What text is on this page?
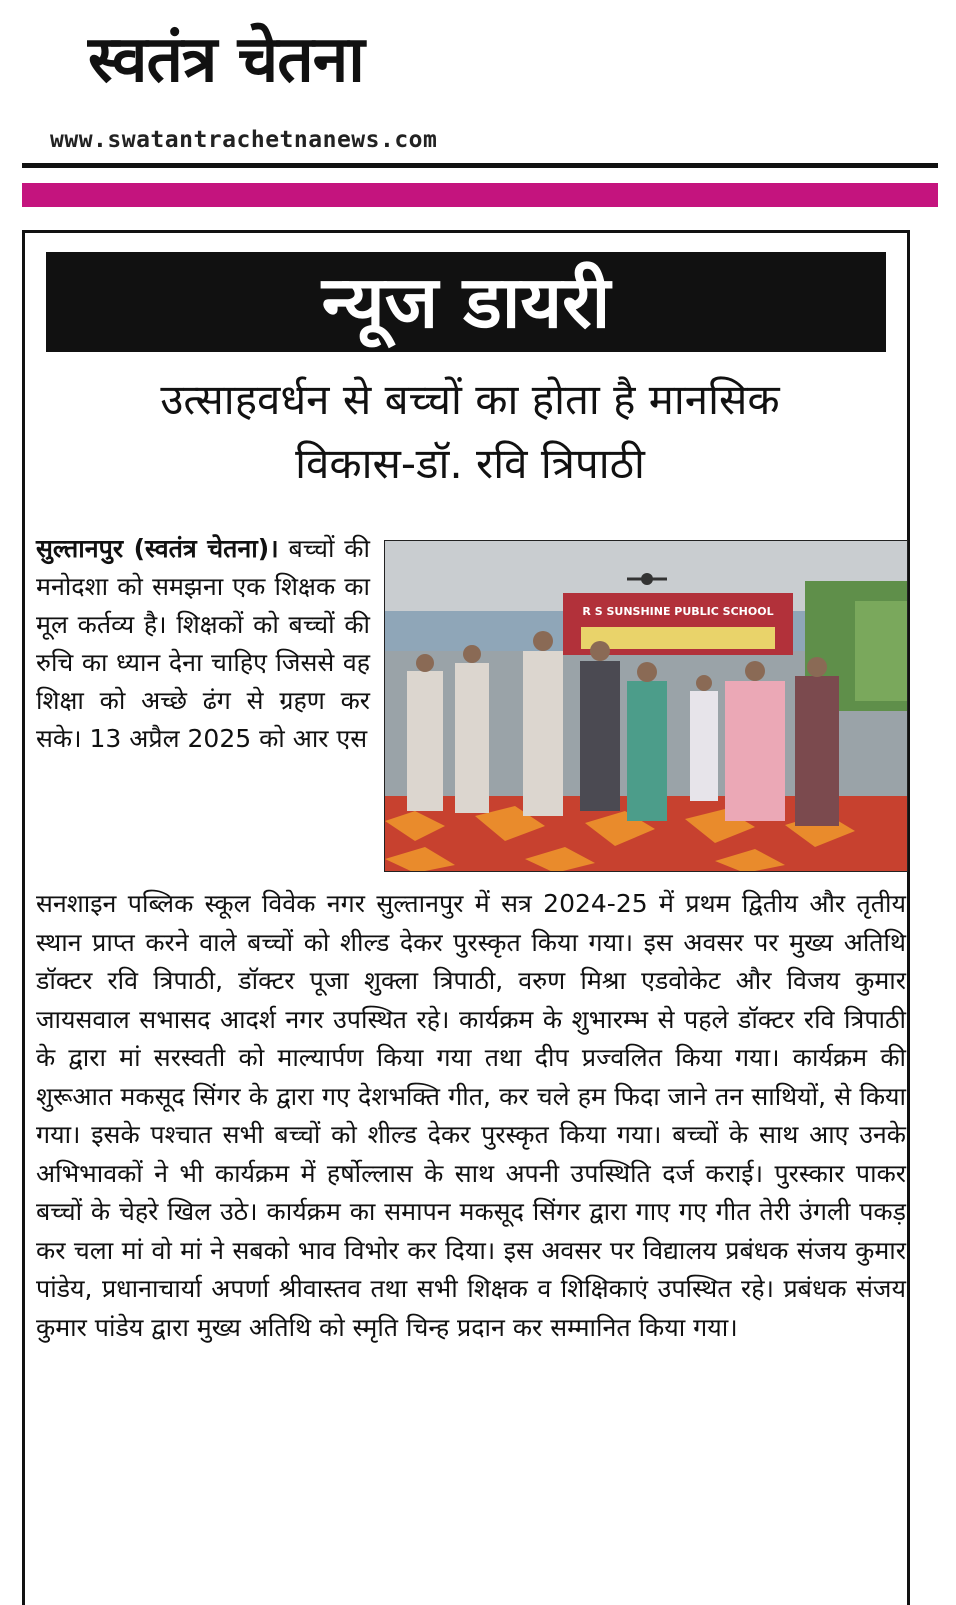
स्वतंत्र चेतना
www.swatantrachetnanews.com
न्यूज डायरी
उत्साहवर्धन से बच्चों का होता है मानसिक
विकास-डॉ. रवि त्रिपाठी
R S SUNSHINE PUBLIC SCHOOL
सुल्तानपुर (स्वतंत्र चेतना)। बच्चों की मनोदशा को समझना एक शिक्षक का मूल कर्तव्य है। शिक्षकों को बच्चों की रुचि का ध्यान देना चाहिए जिससे वह शिक्षा को अच्छे ढंग से ग्रहण कर सके। 13 अप्रैल 2025 को आर एस
सनशाइन पब्लिक स्कूल विवेक नगर सुल्तानपुर में सत्र 2024-25 में प्रथम द्वितीय और तृतीय स्थान प्राप्त करने वाले बच्चों को शील्ड देकर पुरस्कृत किया गया। इस अवसर पर मुख्य अतिथि डॉक्टर रवि त्रिपाठी, डॉक्टर पूजा शुक्ला त्रिपाठी, वरुण मिश्रा एडवोकेट और विजय कुमार जायसवाल सभासद आदर्श नगर उपस्थित रहे। कार्यक्रम के शुभारम्भ से पहले डॉक्टर रवि त्रिपाठी के द्वारा मां सरस्वती को माल्यार्पण किया गया तथा दीप प्रज्वलित किया गया। कार्यक्रम की शुरूआत मकसूद सिंगर के द्वारा गए देशभक्ति गीत, कर चले हम फिदा जाने तन साथियों, से किया गया। इसके पश्चात सभी बच्चों को शील्ड देकर पुरस्कृत किया गया। बच्चों के साथ आए उनके अभिभावकों ने भी कार्यक्रम में हर्षोल्लास के साथ अपनी उपस्थिति दर्ज कराई। पुरस्कार पाकर बच्चों के चेहरे खिल उठे। कार्यक्रम का समापन मकसूद सिंगर द्वारा गाए गए गीत तेरी उंगली पकड़ कर चला मां वो मां ने सबको भाव विभोर कर दिया। इस अवसर पर विद्यालय प्रबंधक संजय कुमार पांडेय, प्रधानाचार्या अपर्णा श्रीवास्तव तथा सभी शिक्षक व शिक्षिकाएं उपस्थित रहे। प्रबंधक संजय कुमार पांडेय द्वारा मुख्य अतिथि को स्मृति चिन्ह प्रदान कर सम्मानित किया गया।
